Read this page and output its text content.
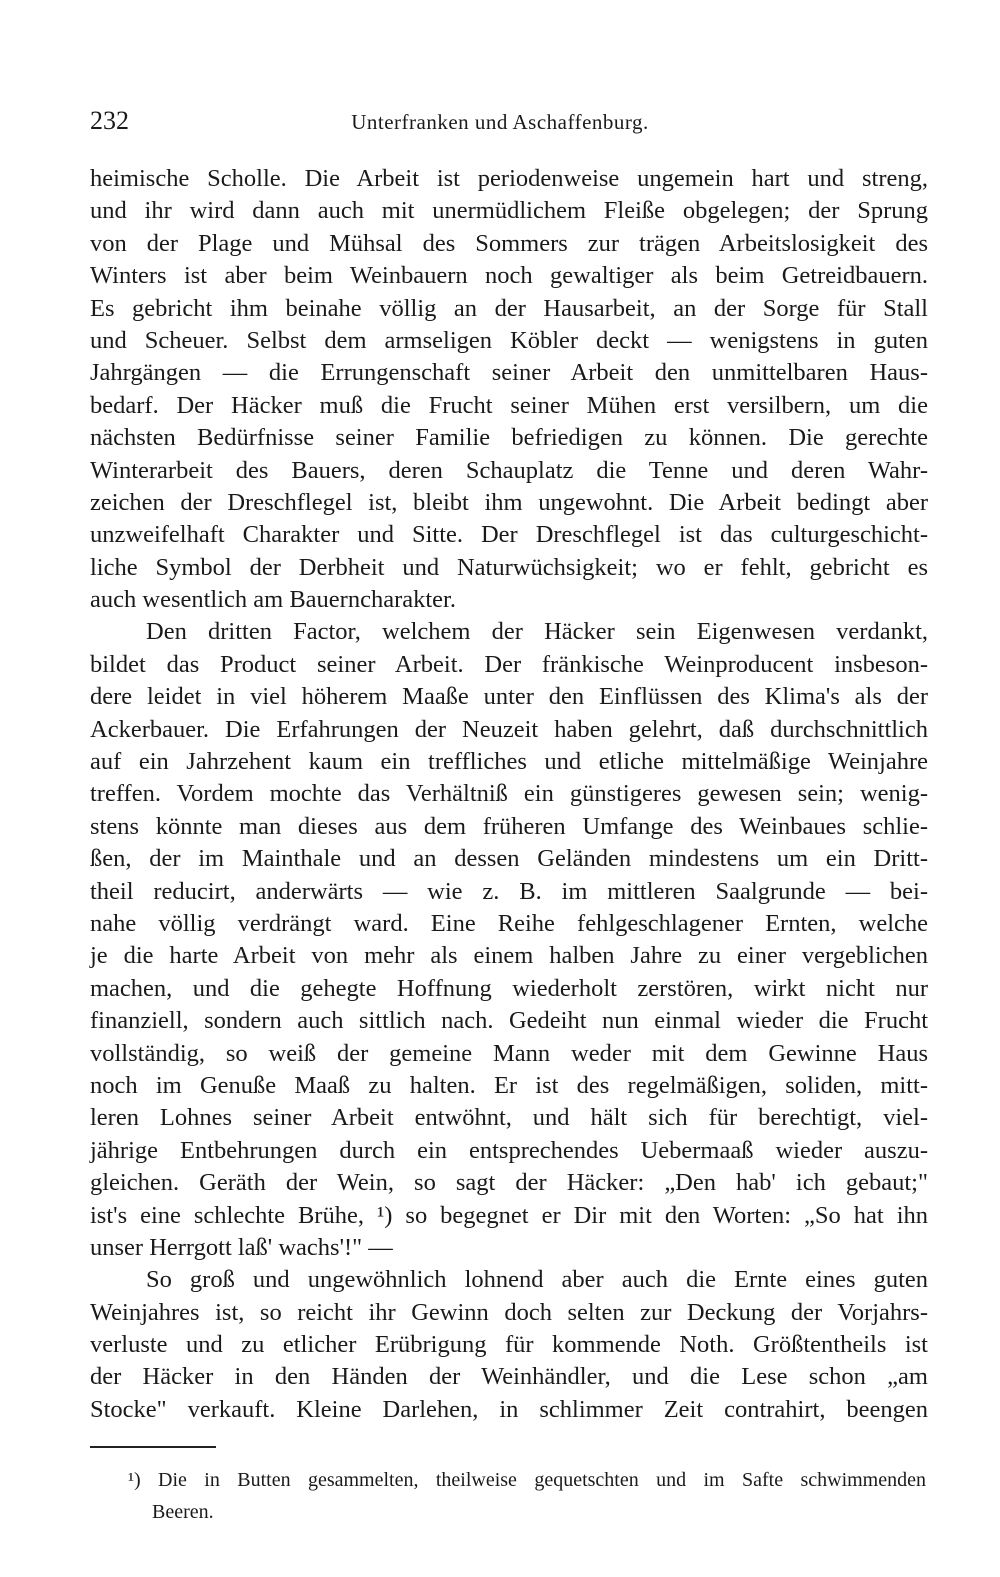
232	Unterfranken und Aschaffenburg.
heimische Scholle. Die Arbeit ist periodenweise ungemein hart und streng,
und ihr wird dann auch mit unermüdlichem Fleiße obgelegen; der Sprung
von der Plage und Mühsal des Sommers zur trägen Arbeitslosigkeit des
Winters ist aber beim Weinbauern noch gewaltiger als beim Getreidbauern.
Es gebricht ihm beinahe völlig an der Hausarbeit, an der Sorge für Stall
und Scheuer. Selbst dem armseligen Köbler deckt — wenigstens in guten
Jahrgängen — die Errungenschaft seiner Arbeit den unmittelbaren Haus-
bedarf. Der Häcker muß die Frucht seiner Mühen erst versilbern, um die
nächsten Bedürfnisse seiner Familie befriedigen zu können. Die gerechte
Winterarbeit des Bauers, deren Schauplatz die Tenne und deren Wahr-
zeichen der Dreschflegel ist, bleibt ihm ungewohnt. Die Arbeit bedingt aber
unzweifelhaft Charakter und Sitte. Der Dreschflegel ist das culturgeschicht-
liche Symbol der Derbheit und Naturwüchsigkeit; wo er fehlt, gebricht es
auch wesentlich am Bauerncharakter.
Den dritten Factor, welchem der Häcker sein Eigenwesen verdankt,
bildet das Product seiner Arbeit. Der fränkische Weinproducent insbeson-
dere leidet in viel höherem Maaße unter den Einflüssen des Klima's als der
Ackerbauer. Die Erfahrungen der Neuzeit haben gelehrt, daß durchschnittlich
auf ein Jahrzehent kaum ein treffliches und etliche mittelmäßige Weinjahre
treffen. Vordem mochte das Verhältniß ein günstigeres gewesen sein; wenig-
stens könnte man dieses aus dem früheren Umfange des Weinbaues schlie-
ßen, der im Mainthale und an dessen Geländen mindestens um ein Dritt-
theil reducirt, anderwärts — wie z. B. im mittleren Saalgrunde — bei-
nahe völlig verdrängt ward. Eine Reihe fehlgeschlagener Ernten, welche
je die harte Arbeit von mehr als einem halben Jahre zu einer vergeblichen
machen, und die gehegte Hoffnung wiederholt zerstören, wirkt nicht nur
finanziell, sondern auch sittlich nach. Gedeiht nun einmal wieder die Frucht
vollständig, so weiß der gemeine Mann weder mit dem Gewinne Haus
noch im Genuße Maaß zu halten. Er ist des regelmäßigen, soliden, mitt-
leren Lohnes seiner Arbeit entwöhnt, und hält sich für berechtigt, viel-
jährige Entbehrungen durch ein entsprechendes Uebermaaß wieder auszu-
gleichen. Geräth der Wein, so sagt der Häcker: „Den hab' ich gebaut;"
ist's eine schlechte Brühe, ¹) so begegnet er Dir mit den Worten: „So hat ihn
unser Herrgott laß' wachs'!" —
So groß und ungewöhnlich lohnend aber auch die Ernte eines guten
Weinjahres ist, so reicht ihr Gewinn doch selten zur Deckung der Vorjahrs-
verluste und zu etlicher Erübrigung für kommende Noth. Größtentheils ist
der Häcker in den Händen der Weinhändler, und die Lese schon „am
Stocke" verkauft. Kleine Darlehen, in schlimmer Zeit contrahirt, beengen
¹) Die in Butten gesammelten, theilweise gequetschten und im Safte schwimmenden
Beeren.
